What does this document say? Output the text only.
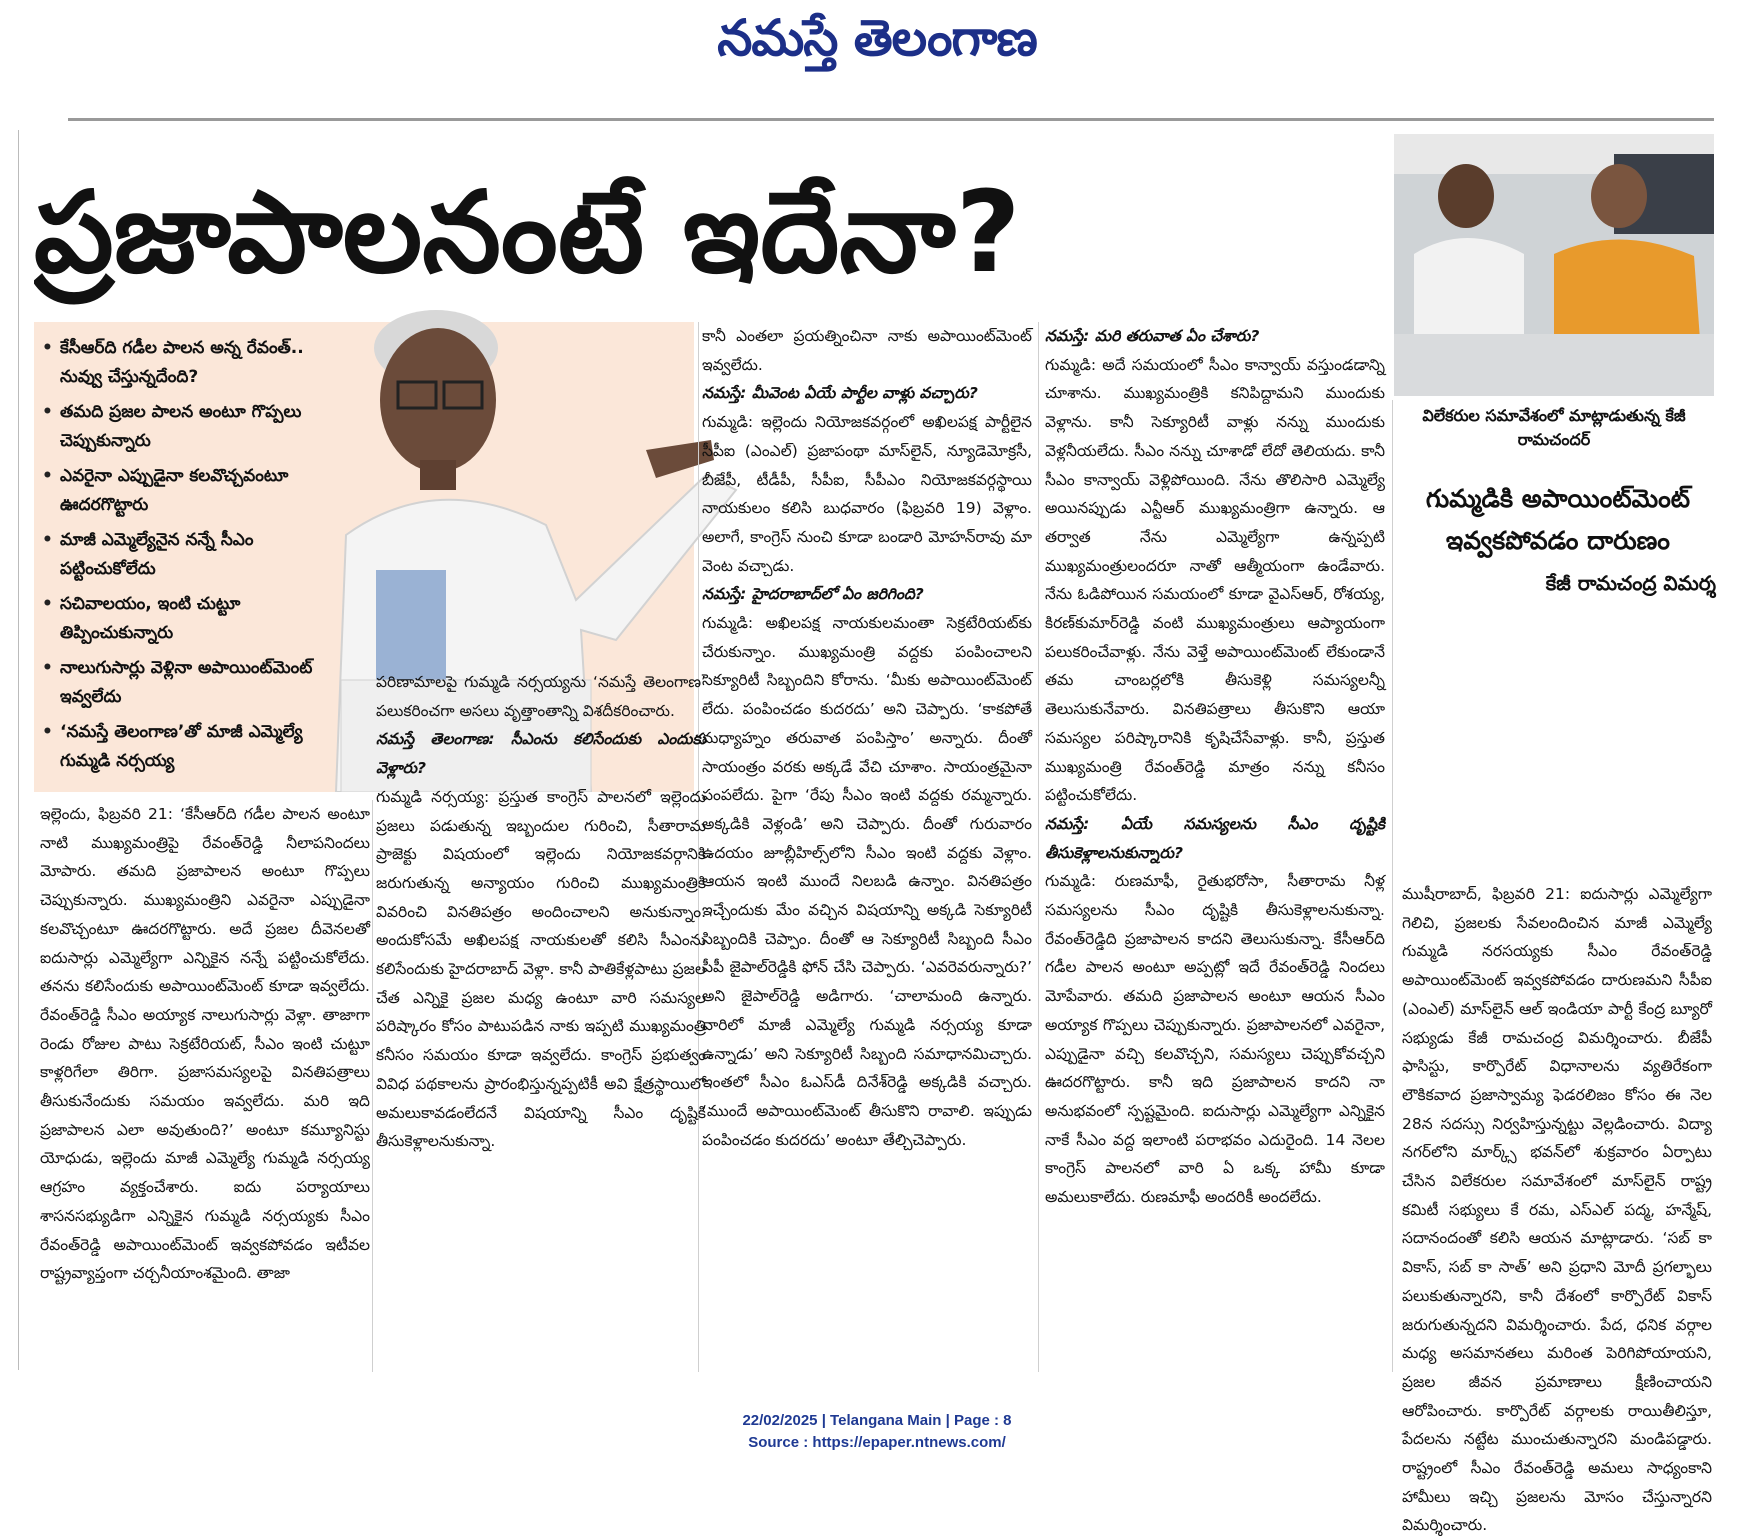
నమస్తే తెలంగాణ
ప్రజాపాలనంటే ఇదేనా?
• కేసీఆర్‌ది గడీల పాలన అన్న రేవంత్‌.. నువ్వు చేస్తున్నదేంది?
• తమది ప్రజల పాలన అంటూ గొప్పలు చెప్పుకున్నారు
• ఎవరైనా ఎప్పుడైనా కలవొచ్చవంటూ ఊదరగొట్టారు
• మాజీ ఎమ్మెల్యేనైన నన్నే సీఎం పట్టించుకోలేదు
• సచివాలయం, ఇంటి చుట్టూ తిప్పించుకున్నారు
• నాలుగుసార్లు వెళ్లినా అపాయింట్‌మెంట్‌ ఇవ్వలేదు
• ‘నమస్తే తెలంగాణ’తో మాజీ ఎమ్మెల్యే గుమ్మడి నర్సయ్య

ఇల్లెందు, ఫిబ్రవరి 21: ‘కేసీఆర్‌ది గడీల పాలన అంటూ నాటి ముఖ్యమంత్రిపై రేవంత్‌రెడ్డి నీలాపనిందలు మోపారు. తమది ప్రజాపాలన అంటూ గొప్పలు చెప్పుకున్నారు. ముఖ్యమంత్రిని ఎవరైనా ఎప్పుడైనా కలవొచ్చంటూ ఊదరగొట్టారు. అదే ప్రజల దీవెనలతో ఐదుసార్లు ఎమ్మెల్యేగా ఎన్నికైన నన్నే పట్టించుకోలేదు. తనను కలిసేందుకు అపాయింట్‌మెంట్‌ కూడా ఇవ్వలేదు. రేవంత్‌రెడ్డి సీఎం అయ్యాక నాలుగుసార్లు వెళ్లా. తాజాగా రెండు రోజుల పాటు సెక్రటేరియట్‌, సీఎం ఇంటి చుట్టూ కాళ్లరిగేలా తిరిగా. ప్రజాసమస్యలపై వినతిపత్రాలు తీసుకునేందుకు సమయం ఇవ్వలేదు. మరి ఇది ప్రజాపాలన ఎలా అవుతుంది?’ అంటూ కమ్యూనిస్టు యోధుడు, ఇల్లెందు మాజీ ఎమ్మెల్యే గుమ్మడి నర్సయ్య ఆగ్రహం వ్యక్తంచేశారు. ఐదు పర్యాయాలు శాసనసభ్యుడిగా ఎన్నికైన గుమ్మడి నర్సయ్యకు సీఎం రేవంత్‌రెడ్డి అపాయింట్‌మెంట్‌ ఇవ్వకపోవడం ఇటీవల రాష్ట్రవ్యాప్తంగా చర్చనీయాంశమైంది. తాజా

పరిణామాలపై గుమ్మడి నర్సయ్యను ‘నమస్తే తెలంగాణ’ పలుకరించగా అసలు వృత్తాంతాన్ని విశదీకరించారు.

నమస్తే తెలంగాణ: సీఎంను కలిసేందుకు ఎందుకు వెళ్లారు?

గుమ్మడి నర్సయ్య: ప్రస్తుత కాంగ్రెస్‌ పాలనలో ఇల్లెందు ప్రజలు పడుతున్న ఇబ్బందుల గురించి, సీతారామ ప్రాజెక్టు విషయంలో ఇల్లెందు నియోజకవర్గానికి జరుగుతున్న అన్యాయం గురించి ముఖ్యమంత్రికి వివరించి వినతిపత్రం అందించాలని అనుకున్నాం. అందుకోసమే అఖిలపక్ష నాయకులతో కలిసి సీఎంను కలిసేందుకు హైదరాబాద్‌ వెళ్లా. కానీ పాతికేళ్లపాటు ప్రజల చేత ఎన్నికై ప్రజల మధ్య ఉంటూ వారి సమస్యల పరిష్కారం కోసం పాటుపడిన నాకు ఇప్పటి ముఖ్యమంత్రి కనీసం సమయం కూడా ఇవ్వలేదు. కాంగ్రెస్‌ ప్రభుత్వం వివిధ పథకాలను ప్రారంభిస్తున్నప్పటికీ అవి క్షేత్రస్థాయిలో అమలుకావడంలేదనే విషయాన్ని సీఎం దృష్టికి తీసుకెళ్లాలనుకున్నా.

కానీ ఎంతలా ప్రయత్నించినా నాకు అపాయింట్‌మెంట్‌ ఇవ్వలేదు.

నమస్తే: మీవెంట ఏయే పార్టీల వాళ్లు వచ్చారు?

గుమ్మడి: ఇల్లెందు నియోజకవర్గంలో అఖిలపక్ష పార్టీలైన సీపీఐ (ఎంఎల్‌) ప్రజాపంథా మాస్‌లైన్‌, న్యూడెమోక్రసీ, బీజేపీ, టీడీపీ, సీపీఐ, సీపీఎం నియోజకవర్గస్థాయి నాయకులం కలిసి బుధవారం (ఫిబ్రవరి 19) వెళ్లాం. అలాగే, కాంగ్రెస్‌ నుంచి కూడా బండారి మోహన్‌రావు మా వెంట వచ్చాడు.

నమస్తే: హైదరాబాద్‌లో ఏం జరిగింది?

గుమ్మడి: అఖిలపక్ష నాయకులమంతా సెక్రటేరియట్‌కు చేరుకున్నాం. ముఖ్యమంత్రి వద్దకు పంపించాలని సెక్యూరిటీ సిబ్బందిని కోరాను. ‘మీకు అపాయింట్‌మెంట్‌ లేదు. పంపించడం కుదరదు’ అని చెప్పారు. ‘కాకపోతే మధ్యాహ్నం తరువాత పంపిస్తాం’ అన్నారు. దీంతో సాయంత్రం వరకు అక్కడే వేచి చూశాం. సాయంత్రమైనా పంపలేదు. పైగా ‘రేపు సీఎం ఇంటి వద్దకు రమ్మన్నారు. అక్కడికి వెళ్లండి’ అని చెప్పారు. దీంతో గురువారం ఉదయం జూబ్లీహిల్స్‌లోని సీఎం ఇంటి వద్దకు వెళ్లాం. ఆయన ఇంటి ముందే నిలబడి ఉన్నాం. వినతిపత్రం ఇచ్చేందుకు మేం వచ్చిన విషయాన్ని అక్కడి సెక్యూరిటీ సిబ్బందికి చెప్పాం. దీంతో ఆ సెక్యూరిటీ సిబ్బంది సీఎం పీపీ జైపాల్‌రెడ్డికి ఫోన్‌ చేసి చెప్పారు. ‘ఎవరెవరున్నారు?’ అని జైపాల్‌రెడ్డి అడిగారు. ‘చాలామంది ఉన్నారు. వారిలో మాజీ ఎమ్మెల్యే గుమ్మడి నర్సయ్య కూడా ఉన్నాడు’ అని సెక్యూరిటీ సిబ్బంది సమాధానమిచ్చారు. ఇంతలో సీఎం ఓఎస్‌డీ దినేశ్‌రెడ్డి అక్కడికి వచ్చారు. ‘ముందే అపాయింట్‌మెంట్‌ తీసుకొని రావాలి. ఇప్పుడు పంపించడం కుదరదు’ అంటూ తేల్చిచెప్పారు.

నమస్తే: మరి తరువాత ఏం చేశారు?

గుమ్మడి: అదే సమయంలో సీఎం కాన్వాయ్‌ వస్తుండడాన్ని చూశాను. ముఖ్యమంత్రికి కనిపిద్దామని ముందుకు వెళ్లాను. కానీ సెక్యూరిటీ వాళ్లు నన్ను ముందుకు వెళ్లనీయలేదు. సీఎం నన్ను చూశాడో లేదో తెలియదు. కానీ సీఎం కాన్వాయ్‌ వెళ్లిపోయింది. నేను తొలిసారి ఎమ్మెల్యే అయినప్పుడు ఎన్టీఆర్‌ ముఖ్యమంత్రిగా ఉన్నారు. ఆ తర్వాత నేను ఎమ్మెల్యేగా ఉన్నప్పటి ముఖ్యమంత్రులందరూ నాతో ఆత్మీయంగా ఉండేవారు. నేను ఓడిపోయిన సమయంలో కూడా వైఎస్‌ఆర్‌, రోశయ్య, కిరణ్‌కుమార్‌రెడ్డి వంటి ముఖ్యమంత్రులు ఆప్యాయంగా పలుకరించేవాళ్లు. నేను వెళ్తే అపాయింట్‌మెంట్‌ లేకుండానే తమ చాంబర్లలోకి తీసుకెళ్లి సమస్యలన్నీ తెలుసుకునేవారు. వినతిపత్రాలు తీసుకొని ఆయా సమస్యల పరిష్కారానికి కృషిచేసేవాళ్లు. కానీ, ప్రస్తుత ముఖ్యమంత్రి రేవంత్‌రెడ్డి మాత్రం నన్ను కనీసం పట్టించుకోలేదు.

నమస్తే: ఏయే సమస్యలను సీఎం దృష్టికి తీసుకెళ్లాలనుకున్నారు?

గుమ్మడి: రుణమాఫీ, రైతుభరోసా, సీతారామ నీళ్ల సమస్యలను సీఎం దృష్టికి తీసుకెళ్లాలనుకున్నా. రేవంత్‌రెడ్డిది ప్రజాపాలన కాదని తెలుసుకున్నా. కేసీఆర్‌ది గడీల పాలన అంటూ అప్పట్లో ఇదే రేవంత్‌రెడ్డి నిందలు మోపేవారు. తమది ప్రజాపాలన అంటూ ఆయన సీఎం అయ్యాక గొప్పలు చెప్పుకున్నారు. ప్రజాపాలనలో ఎవరైనా, ఎప్పుడైనా వచ్చి కలవొచ్చని, సమస్యలు చెప్పుకోవచ్చని ఊదరగొట్టారు. కానీ ఇది ప్రజాపాలన కాదని నా అనుభవంలో స్పష్టమైంది. ఐదుసార్లు ఎమ్మెల్యేగా ఎన్నికైన నాకే సీఎం వద్ద ఇలాంటి పరాభవం ఎదురైంది. 14 నెలల కాంగ్రెస్‌ పాలనలో వారి ఏ ఒక్క హామీ కూడా అమలుకాలేదు. రుణమాఫీ అందరికీ అందలేదు.

విలేకరుల సమావేశంలో మాట్లాడుతున్న కేజీ రామచందర్‌
గుమ్మడికి అపాయింట్‌మెంట్‌ ఇవ్వకపోవడం దారుణం
కేజీ రామచంద్ర విమర్శ

ముషీరాబాద్‌, ఫిబ్రవరి 21: ఐదుసార్లు ఎమ్మెల్యేగా గెలిచి, ప్రజలకు సేవలందించిన మాజీ ఎమ్మెల్యే గుమ్మడి నరసయ్యకు సీఎం రేవంత్‌రెడ్డి అపాయింట్‌మెంట్‌ ఇవ్వకపోవడం దారుణమని సీపీఐ (ఎంఎల్‌) మాస్‌లైన్‌ ఆల్‌ ఇండియా పార్టీ కేంద్ర బ్యూరో సభ్యుడు కేజీ రామచంద్ర విమర్శించారు. బీజేపీ ఫాసిస్టు, కార్పొరేట్‌ విధానాలను వ్యతిరేకంగా లౌకికవాద ప్రజాస్వామ్య ఫెడరలిజం కోసం ఈ నెల 28న సదస్సు నిర్వహిస్తున్నట్టు వెల్లడించారు. విద్యా నగర్‌లోని మార్క్స్‌ భవన్‌లో శుక్రవారం ఏర్పాటు చేసిన విలేకరుల సమావేశంలో మాస్‌లైన్‌ రాష్ట్ర కమిటీ సభ్యులు కే రమ, ఎస్‌ఎల్‌ పద్మ, హన్మేష్‌, సదానందంతో కలిసి ఆయన మాట్లాడారు. ‘సబ్‌ కా వికాస్‌, సబ్‌ కా సాత్‌’ అని ప్రధాని మోదీ ప్రగల్భాలు పలుకుతున్నారని, కానీ దేశంలో కార్పొరేట్‌ వికాస్‌ జరుగుతున్నదని విమర్శించారు. పేద, ధనిక వర్గాల మధ్య అసమానతలు మరింత పెరిగిపోయాయని, ప్రజల జీవన ప్రమాణాలు క్షీణించాయని ఆరోపించారు. కార్పొరేట్‌ వర్గాలకు రాయితీలిస్తూ, పేదలను నట్టేట ముంచుతున్నారని మండిపడ్డారు. రాష్ట్రంలో సీఎం రేవంత్‌రెడ్డి అమలు సాధ్యంకాని హామీలు ఇచ్చి ప్రజలను మోసం చేస్తున్నారని విమర్శించారు.

22/02/2025 | Telangana Main | Page : 8
Source : https://epaper.ntnews.com/
